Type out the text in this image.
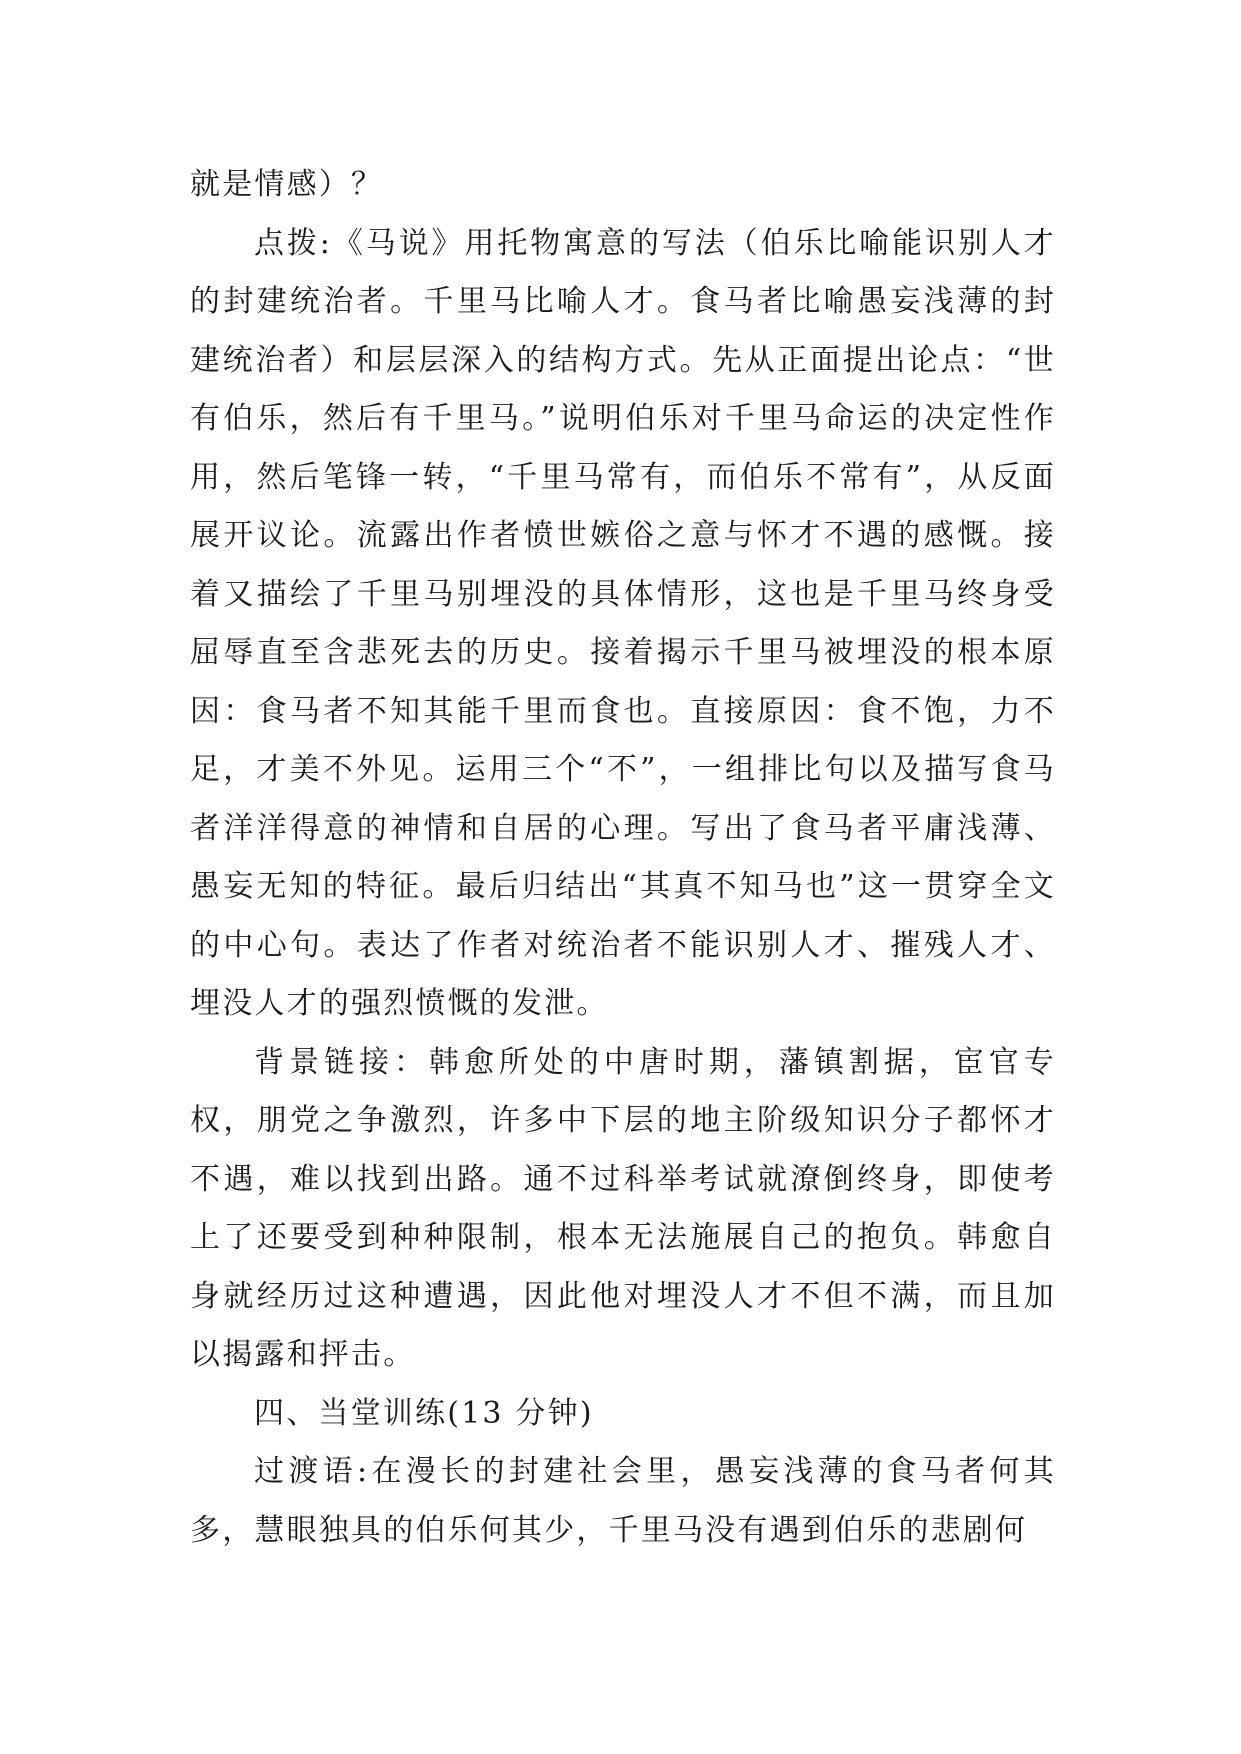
就是情感）？

点拨:《马说》用托物寓意的写法（伯乐比喻能识别人才的封建统治者。千里马比喻人才。食马者比喻愚妄浅薄的封建统治者）和层层深入的结构方式。先从正面提出论点：“世有伯乐，然后有千里马。”说明伯乐对千里马命运的决定性作用，然后笔锋一转，“千里马常有，而伯乐不常有”，从反面展开议论。流露出作者愤世嫉俗之意与怀才不遇的感慨。接着又描绘了千里马别埋没的具体情形，这也是千里马终身受屈辱直至含悲死去的历史。接着揭示千里马被埋没的根本原因：食马者不知其能千里而食也。直接原因：食不饱，力不足，才美不外见。运用三个“不”，一组排比句以及描写食马者洋洋得意的神情和自居的心理。写出了食马者平庸浅薄、愚妄无知的特征。最后归结出“其真不知马也”这一贯穿全文的中心句。表达了作者对统治者不能识别人才、摧残人才、埋没人才的强烈愤慨的发泄。

背景链接：韩愈所处的中唐时期，藩镇割据，宦官专权，朋党之争激烈，许多中下层的地主阶级知识分子都怀才不遇，难以找到出路。通不过科举考试就潦倒终身，即使考上了还要受到种种限制，根本无法施展自己的抱负。韩愈自身就经历过这种遭遇，因此他对埋没人才不但不满，而且加以揭露和抨击。

四、当堂训练(13 分钟)

过渡语:在漫长的封建社会里，愚妄浅薄的食马者何其多，慧眼独具的伯乐何其少，千里马没有遇到伯乐的悲剧何
